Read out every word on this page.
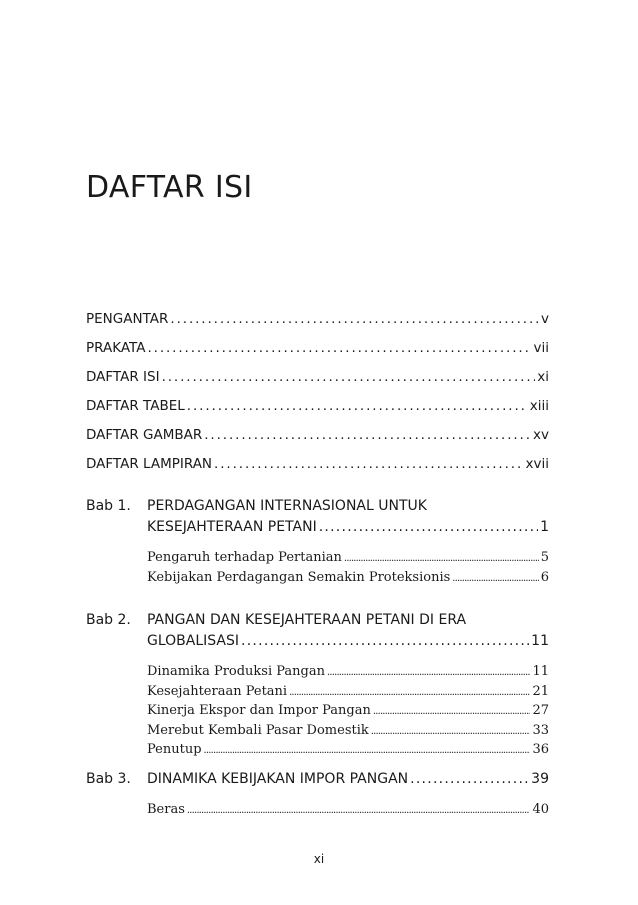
DAFTAR ISI
PENGANTAR . . .	v
PRAKATA . . .	vii
DAFTAR ISI . . .	xi
DAFTAR TABEL . . .	xiii
DAFTAR GAMBAR . . .	xv
DAFTAR LAMPIRAN . . .	xvii
Bab 1. PERDAGANGAN INTERNASIONAL UNTUK
KESEJAHTERAAN PETANI . . .	1
Pengaruh terhadap Pertanian . . .	5
Kebijakan Perdagangan Semakin Proteksionis . . .	6
Bab 2. PANGAN DAN KESEJAHTERAAN PETANI DI ERA
GLOBALISASI . . .	11
Dinamika Produksi Pangan . . .	11
Kesejahteraan Petani . . .	21
Kinerja Ekspor dan Impor Pangan . . .	27
Merebut Kembali Pasar Domestik . . .	33
Penutup . . .	36
Bab 3. DINAMIKA KEBIJAKAN IMPOR PANGAN . . .	39
Beras . . .	40
xi
